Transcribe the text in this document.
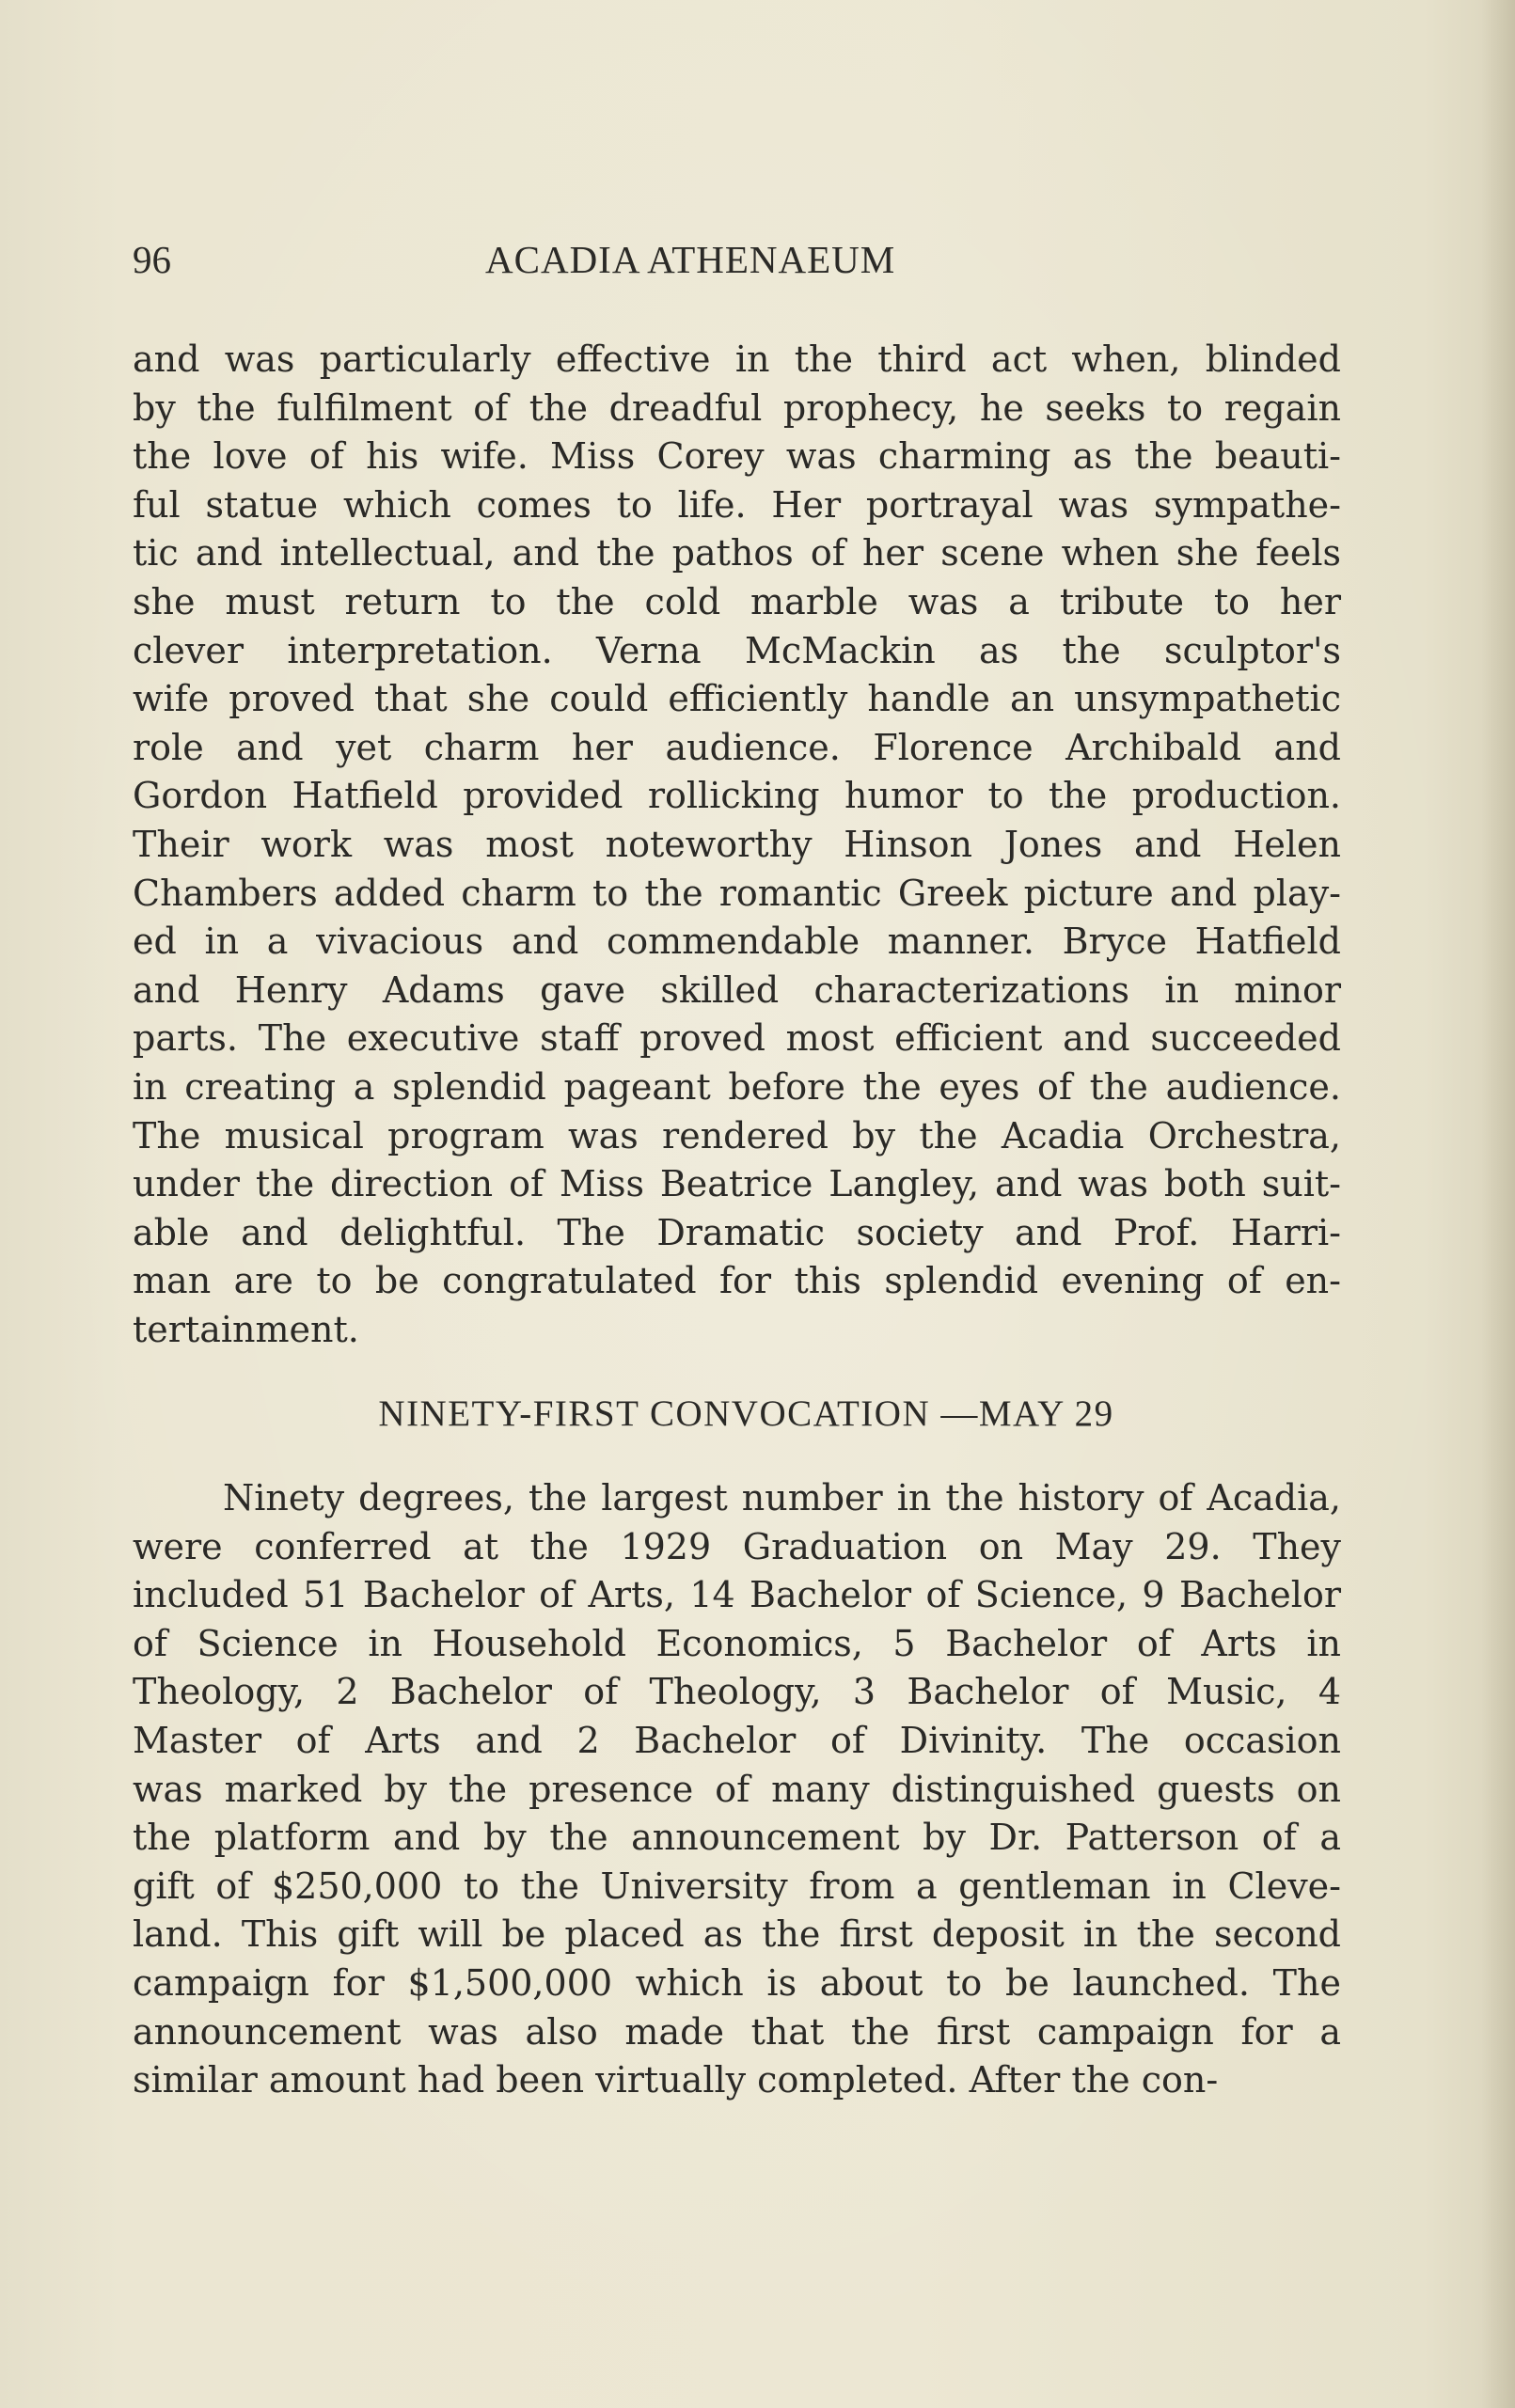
96	ACADIA ATHENAEUM

and was particularly effective in the third act when, blinded
by the fulfilment of the dreadful prophecy, he seeks to regain
the love of his wife. Miss Corey was charming as the beauti-
ful statue which comes to life. Her portrayal was sympathe-
tic and intellectual, and the pathos of her scene when she feels
she must return to the cold marble was a tribute to her
clever interpretation. Verna McMackin as the sculptor's
wife proved that she could efficiently handle an unsympathetic
role and yet charm her audience. Florence Archibald and
Gordon Hatfield provided rollicking humor to the production.
Their work was most noteworthy Hinson Jones and Helen
Chambers added charm to the romantic Greek picture and play-
ed in a vivacious and commendable manner. Bryce Hatfield
and Henry Adams gave skilled characterizations in minor
parts. The executive staff proved most efficient and succeeded
in creating a splendid pageant before the eyes of the audience.
The musical program was rendered by the Acadia Orchestra,
under the direction of Miss Beatrice Langley, and was both suit-
able and delightful. The Dramatic society and Prof. Harri-
man are to be congratulated for this splendid evening of en-

tertainment.

NINETY-FIRST CONVOCATION —MAY 29

Ninety degrees, the largest number in the history of Acadia,
were conferred at the 1929 Graduation on May 29. They
included 51 Bachelor of Arts, 14 Bachelor of Science, 9 Bachelor
of Science in Household Economics, 5 Bachelor of Arts in
Theology, 2 Bachelor of Theology, 3 Bachelor of Music, 4
Master of Arts and 2 Bachelor of Divinity. The occasion
was marked by the presence of many distinguished guests on
the platform and by the announcement by Dr. Patterson of a
gift of $250,000 to the University from a gentleman in Cleve-
land. This gift will be placed as the first deposit in the second
campaign for $1,500,000 which is about to be launched. The
announcement was also made that the first campaign for a
similar amount had been virtually completed. After the con-
